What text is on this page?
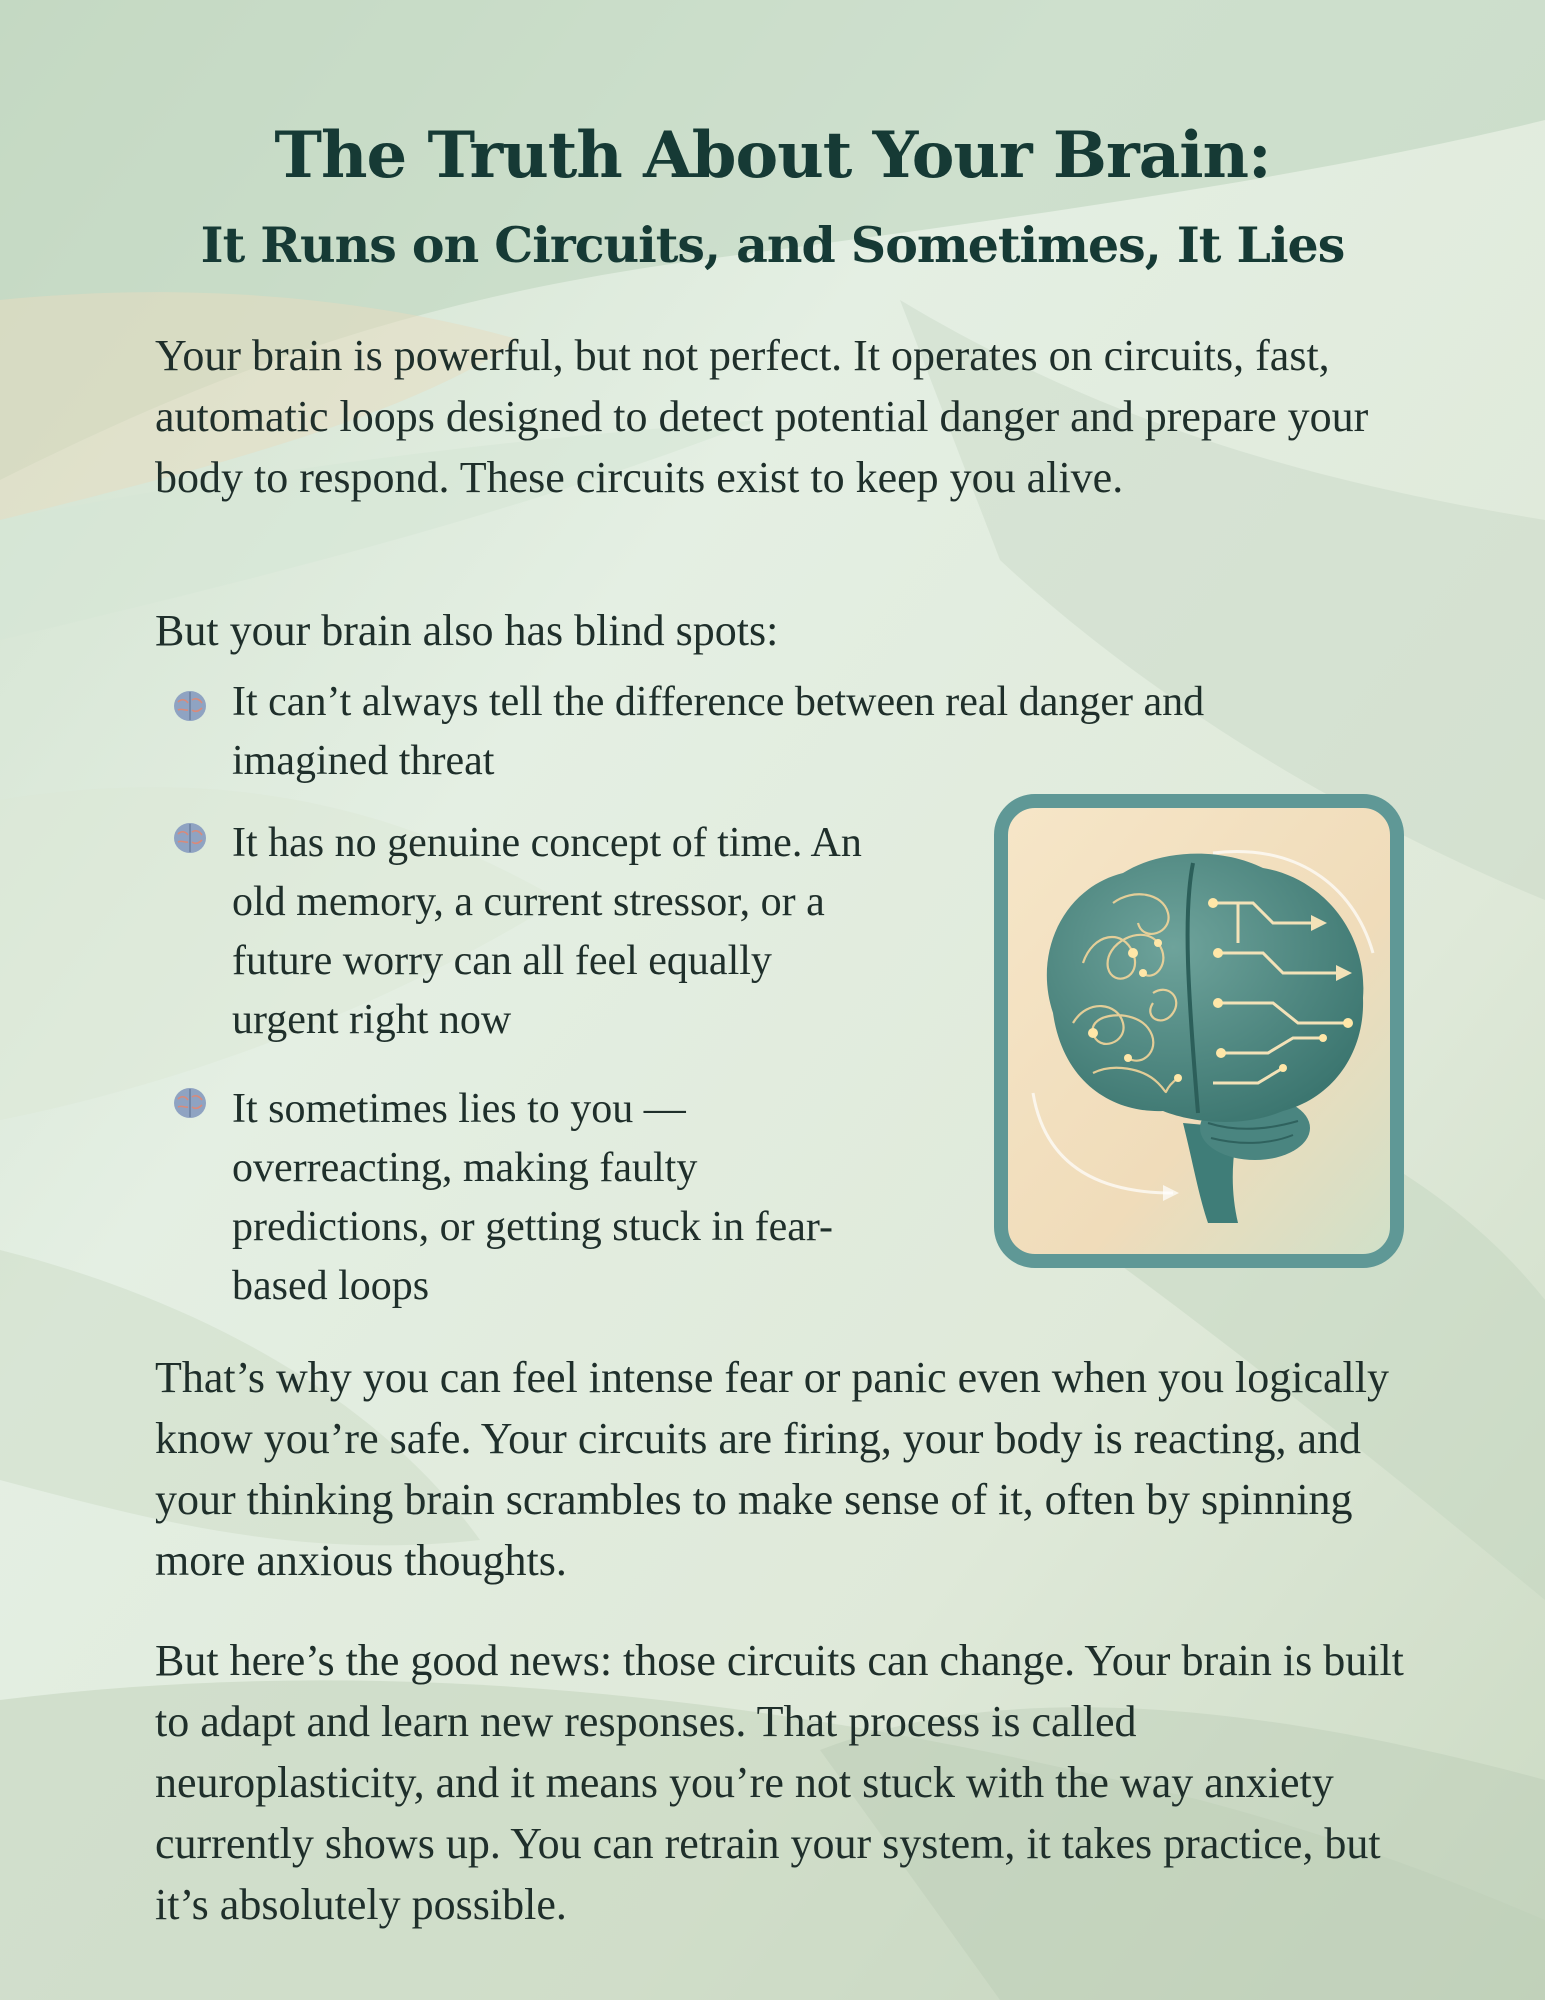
The Truth About Your Brain:
It Runs on Circuits, and Sometimes, It Lies

Your brain is powerful, but not perfect. It operates on circuits, fast, automatic loops designed to detect potential danger and prepare your body to respond. These circuits exist to keep you alive.

But your brain also has blind spots:

It can’t always tell the difference between real danger and imagined threat

It has no genuine concept of time. An old memory, a current stressor, or a future worry can all feel equally urgent right now

It sometimes lies to you — overreacting, making faulty predictions, or getting stuck in fear-based loops

That’s why you can feel intense fear or panic even when you logically know you’re safe. Your circuits are firing, your body is reacting, and your thinking brain scrambles to make sense of it, often by spinning more anxious thoughts.

But here’s the good news: those circuits can change. Your brain is built to adapt and learn new responses. That process is called neuroplasticity, and it means you’re not stuck with the way anxiety currently shows up. You can retrain your system, it takes practice, but it’s absolutely possible.
